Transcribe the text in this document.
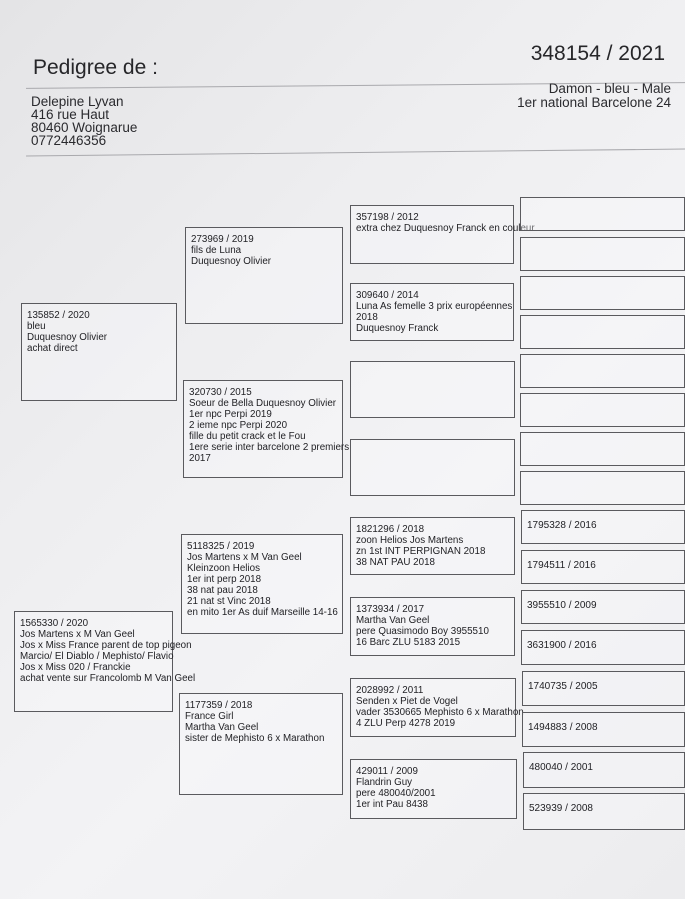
Pedigree de :
348154 / 2021
Delepine Lyvan
416 rue Haut
80460 Woignarue
0772446356
Damon - bleu - Male
1er national Barcelone 24
135852 / 2020
bleu
Duquesnoy Olivier
achat direct
1565330 / 2020
Jos Martens x M Van Geel
Jos x Miss France parent de top pigeon
Marcio/ El Diablo / Mephisto/ Flavio
Jos x Miss 020 / Franckie
achat vente sur Francolomb M Van Geel
273969 / 2019
fils de Luna
Duquesnoy Olivier
320730 / 2015
Soeur de Bella Duquesnoy Olivier
1er npc Perpi 2019
2 ieme npc Perpi 2020
fille du petit crack et le Fou
1ere serie inter barcelone 2 premiers
2017
5118325 / 2019
Jos Martens x M Van Geel
Kleinzoon Helios
1er int perp 2018
38 nat pau 2018
21 nat st Vinc 2018
en mito 1er As duif Marseille 14-16
1177359 / 2018
France Girl
Martha Van Geel
sister de Mephisto 6 x Marathon
357198 / 2012
extra chez Duquesnoy Franck en couleur
309640 / 2014
Luna As femelle 3 prix européennes
2018
Duquesnoy Franck
1821296 / 2018
zoon Helios Jos Martens
zn 1st INT PERPIGNAN 2018
38 NAT PAU 2018
1373934 / 2017
Martha Van Geel
pere Quasimodo Boy 3955510
16 Barc ZLU 5183 2015
2028992 / 2011
Senden x Piet de Vogel
vader 3530665 Mephisto 6 x Marathon
4 ZLU Perp 4278 2019
429011 / 2009
Flandrin Guy
pere 480040/2001
1er int Pau 8438
1795328 / 2016
1794511 / 2016
3955510 / 2009
3631900 / 2016
1740735 / 2005
1494883 / 2008
480040 / 2001
523939 / 2008
